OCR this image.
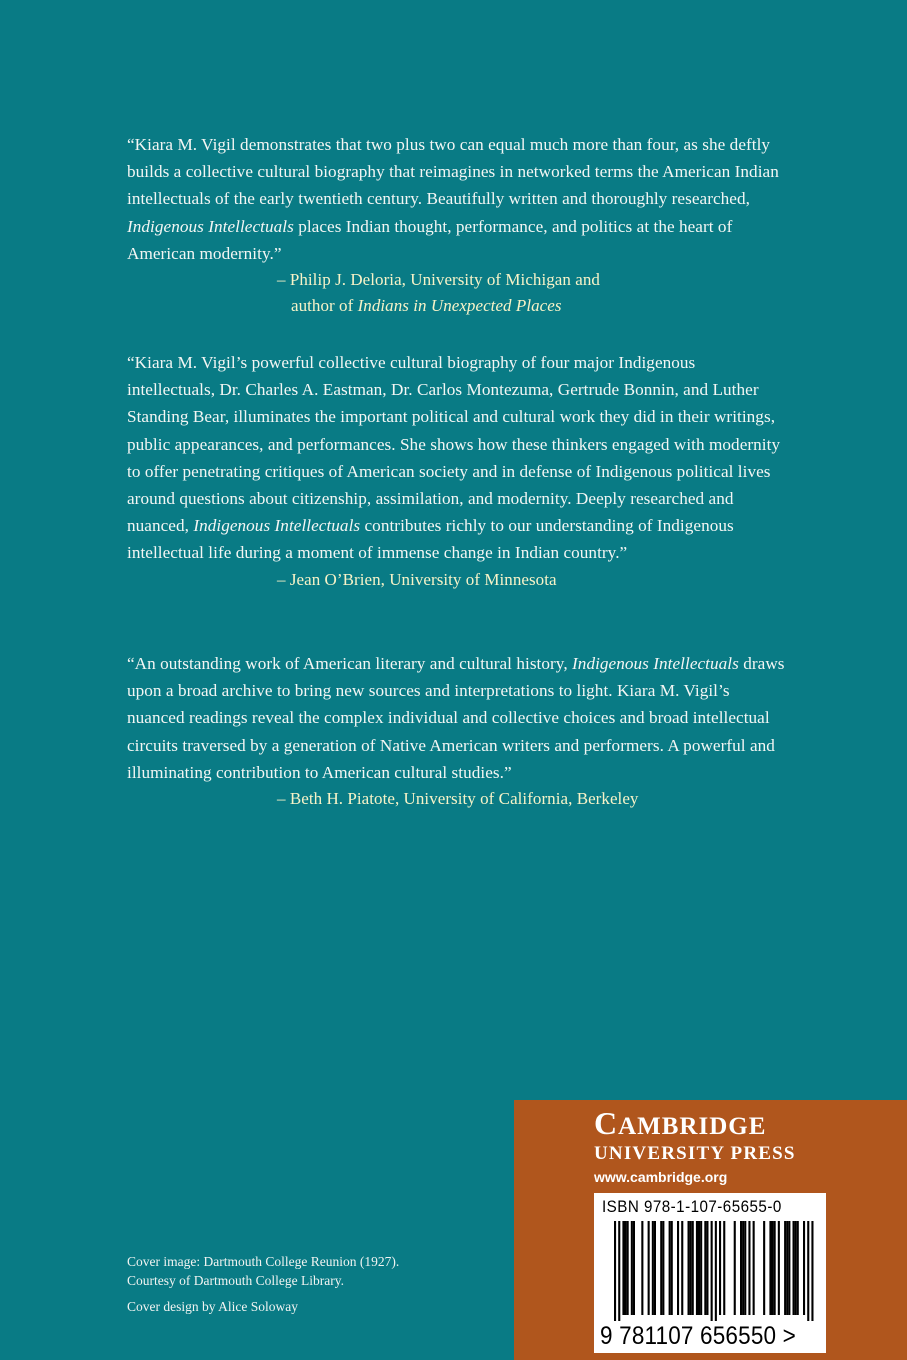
“Kiara M. Vigil demonstrates that two plus two can equal much more than four, as she deftly builds a collective cultural biography that reimagines in networked terms the American Indian intellectuals of the early twentieth century. Beautifully written and thoroughly researched, Indigenous Intellectuals places Indian thought, performance, and politics at the heart of American modernity.”

– Philip J. Deloria, University of Michigan and
author of Indians in Unexpected Places

“Kiara M. Vigil’s powerful collective cultural biography of four major Indigenous intellectuals, Dr. Charles A. Eastman, Dr. Carlos Montezuma, Gertrude Bonnin, and Luther Standing Bear, illuminates the important political and cultural work they did in their writings, public appearances, and performances. She shows how these thinkers engaged with modernity to offer penetrating critiques of American society and in defense of Indigenous political lives around questions about citizenship, assimilation, and modernity. Deeply researched and nuanced, Indigenous Intellectuals contributes richly to our understanding of Indigenous intellectual life during a moment of immense change in Indian country.”

– Jean O’Brien, University of Minnesota

“An outstanding work of American literary and cultural history, Indigenous Intellectuals draws upon a broad archive to bring new sources and interpretations to light. Kiara M. Vigil’s nuanced readings reveal the complex individual and collective choices and broad intellectual circuits traversed by a generation of Native American writers and performers. A powerful and illuminating contribution to American cultural studies.”

– Beth H. Piatote, University of California, Berkeley
Cover image: Dartmouth College Reunion (1927).
Courtesy of Dartmouth College Library.
Cover design by Alice Soloway
CAMBRIDGE
UNIVERSITY PRESS
www.cambridge.org
ISBN 978-1-107-65655-0
9 781107 656550 >
